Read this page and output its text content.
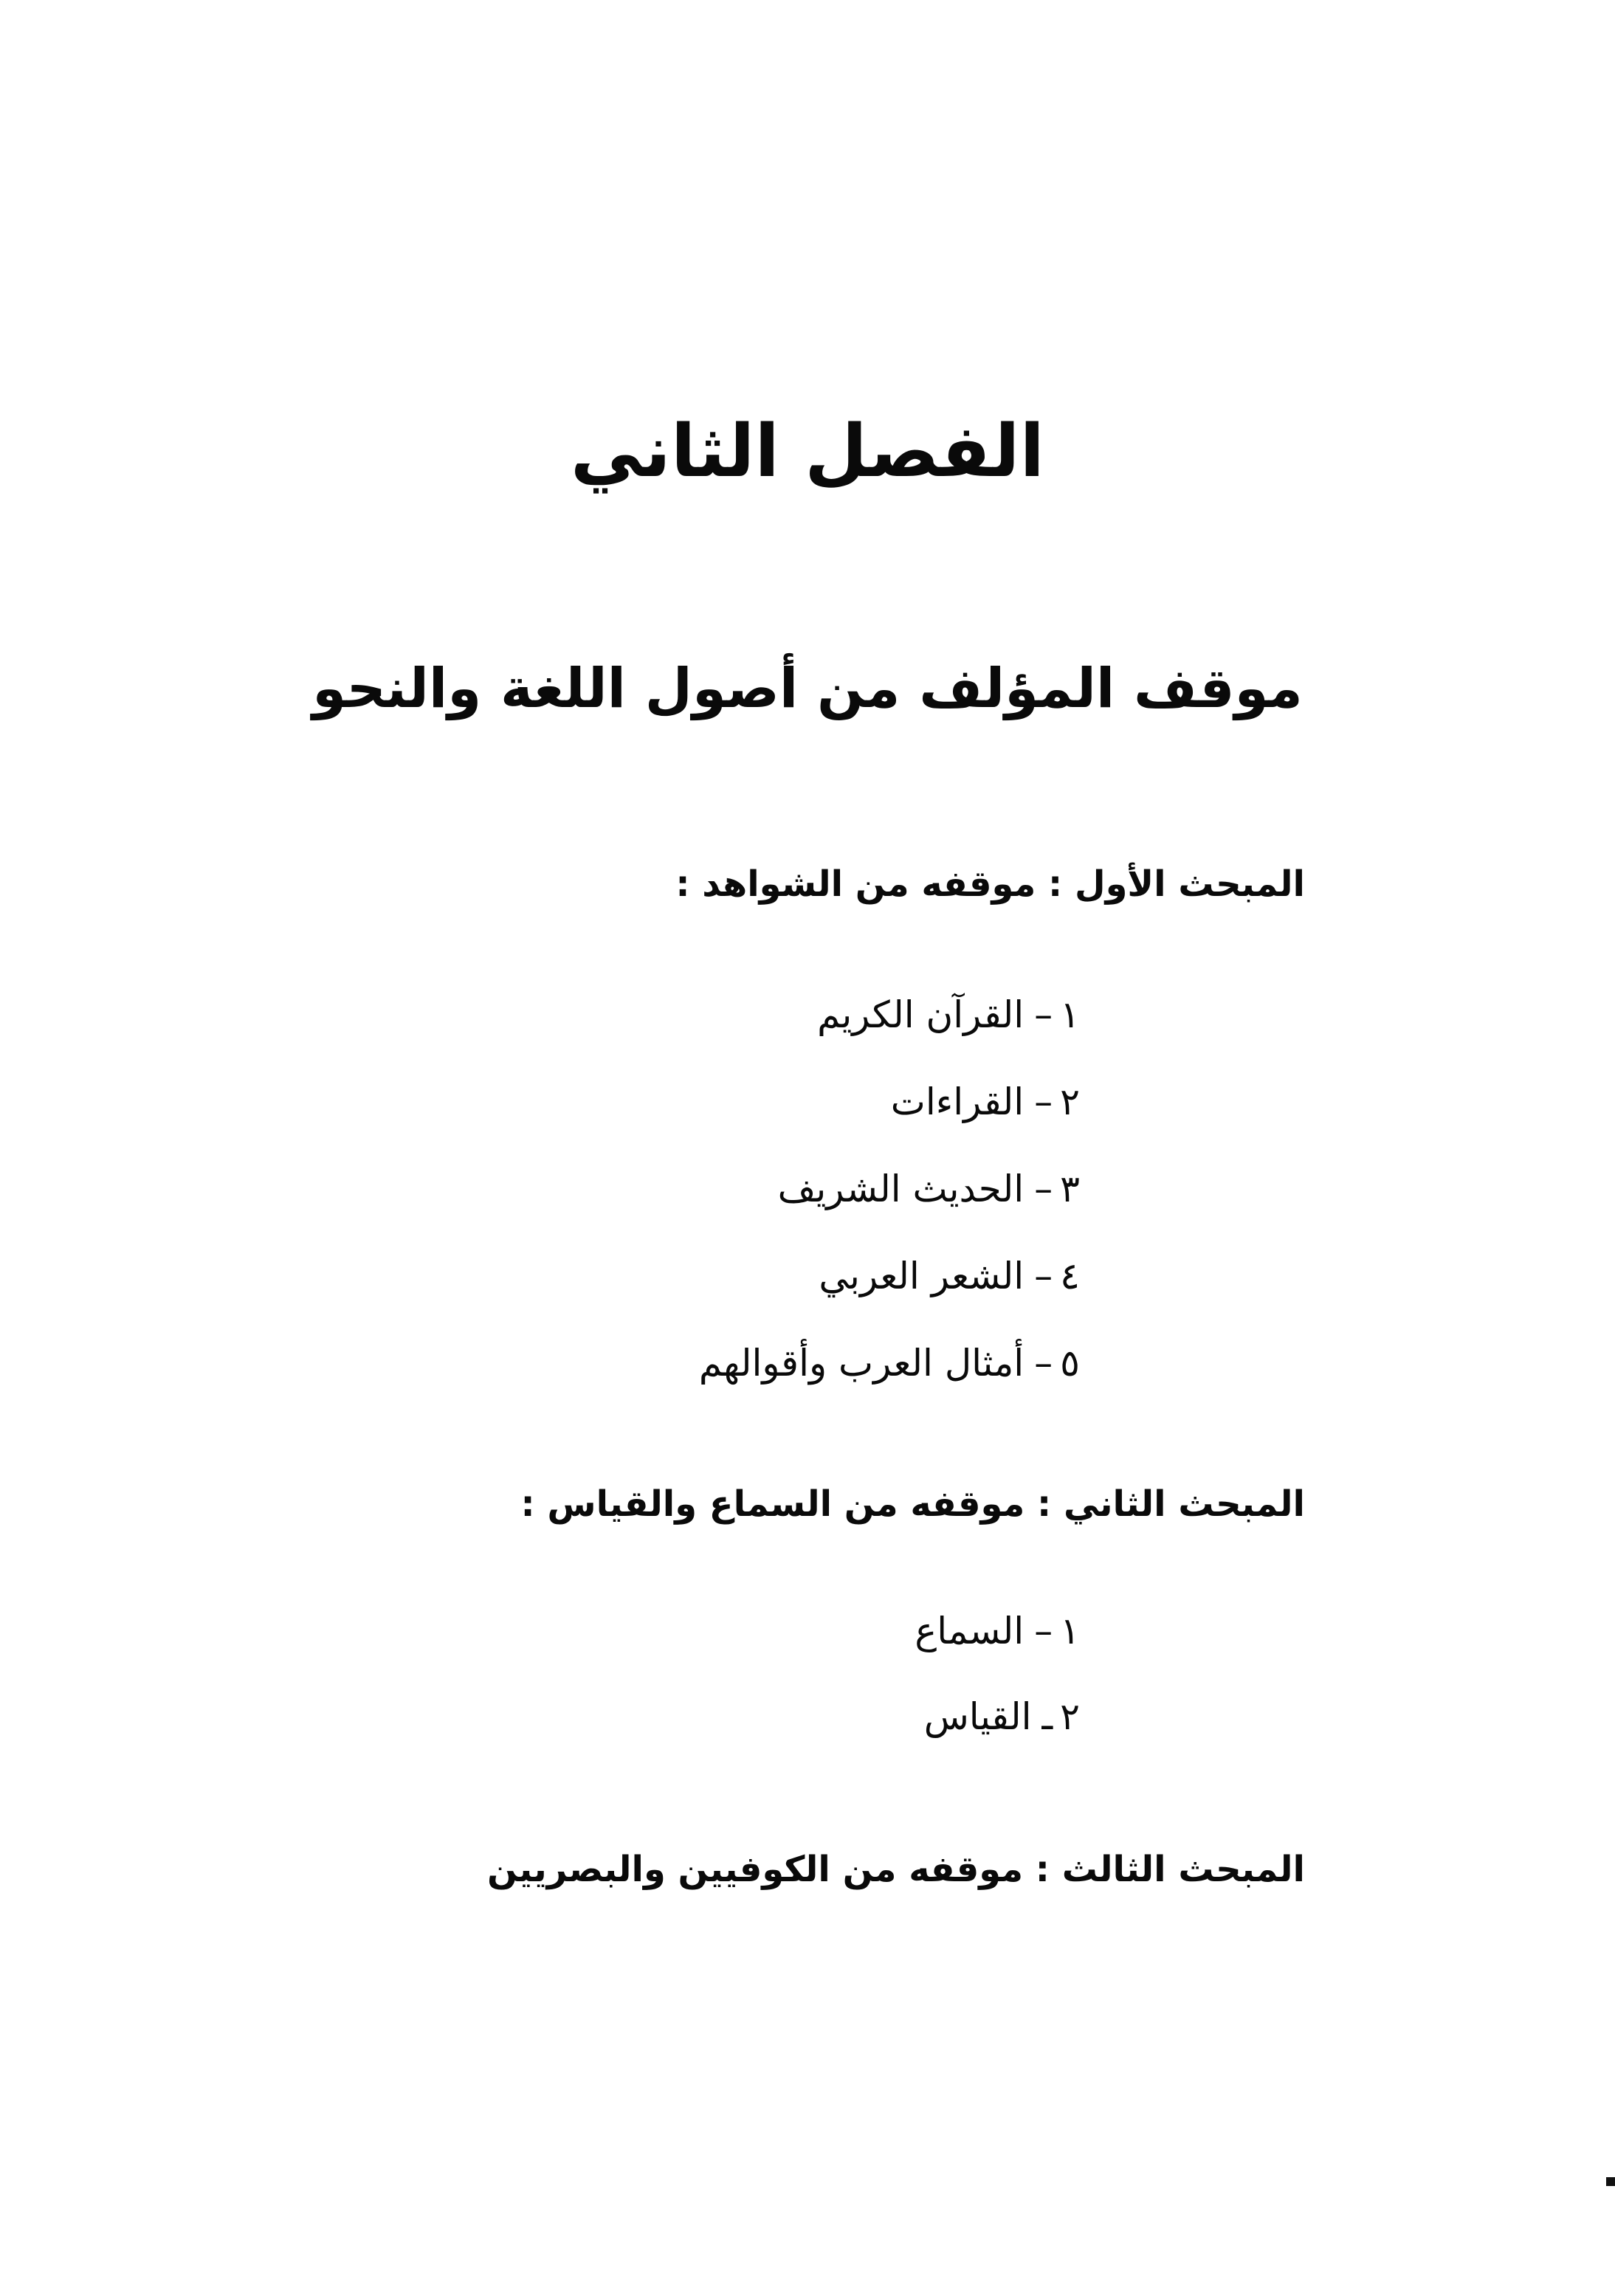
الفصل الثاني
موقف المؤلف من أصول اللغة والنحو
المبحث الأول : موقفه من الشواهد :
١–القرآن الكريم
٢–القراءات
٣–الحديث الشريف
٤–الشعر العربي
٥–أمثال العرب وأقوالهم
المبحث الثاني : موقفه من السماع والقياس :
١–السماع
٢ـالقياس
المبحث الثالث : موقفه من الكوفيين والبصريين
